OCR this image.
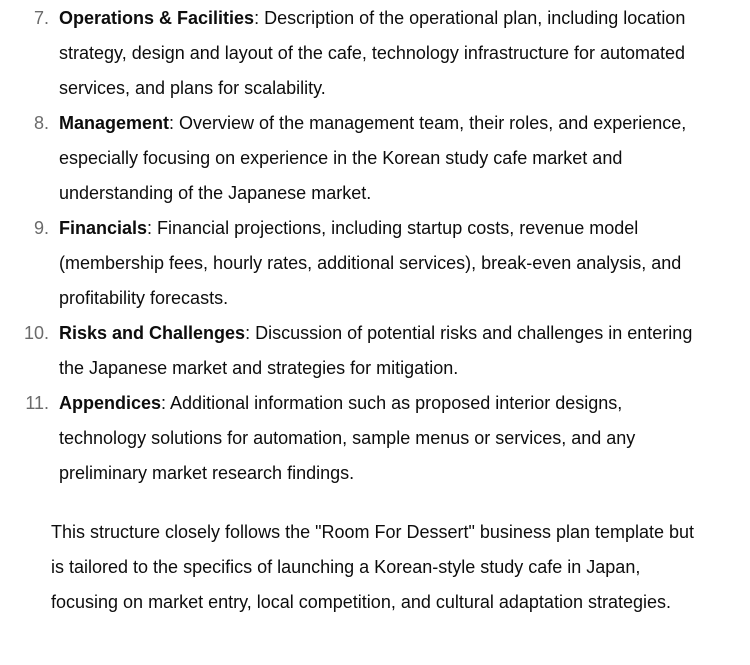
7. Operations & Facilities: Description of the operational plan, including location strategy, design and layout of the cafe, technology infrastructure for automated services, and plans for scalability.
8. Management: Overview of the management team, their roles, and experience, especially focusing on experience in the Korean study cafe market and understanding of the Japanese market.
9. Financials: Financial projections, including startup costs, revenue model (membership fees, hourly rates, additional services), break-even analysis, and profitability forecasts.
10. Risks and Challenges: Discussion of potential risks and challenges in entering the Japanese market and strategies for mitigation.
11. Appendices: Additional information such as proposed interior designs, technology solutions for automation, sample menus or services, and any preliminary market research findings.

This structure closely follows the "Room For Dessert" business plan template but is tailored to the specifics of launching a Korean-style study cafe in Japan, focusing on market entry, local competition, and cultural adaptation strategies.
